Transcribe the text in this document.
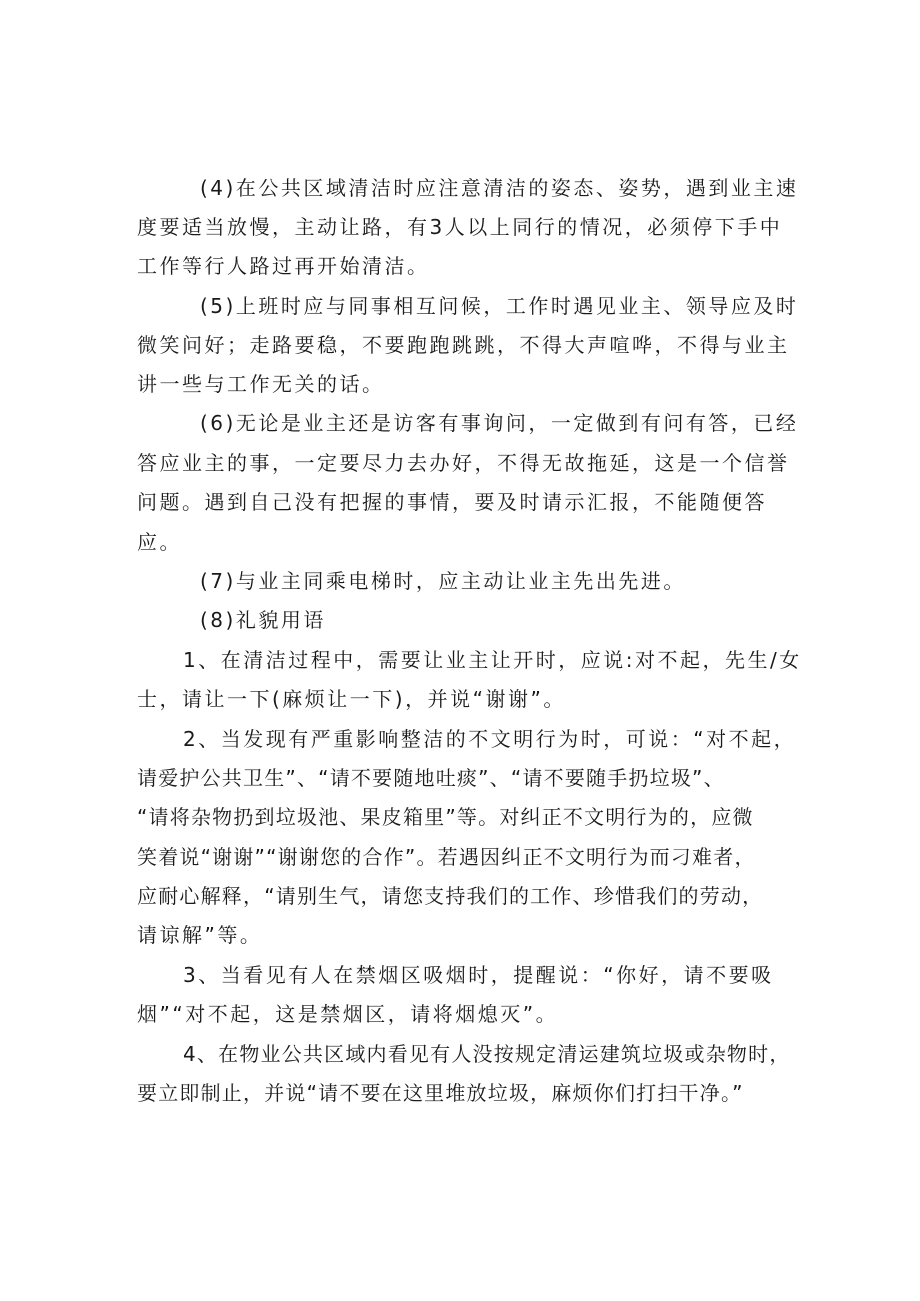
(4)在公共区域清洁时应注意清洁的姿态、姿势，遇到业主速
度要适当放慢，主动让路，有3人以上同行的情况，必须停下手中
工作等行人路过再开始清洁。
(5)上班时应与同事相互问候，工作时遇见业主、领导应及时
微笑问好；走路要稳，不要跑跑跳跳，不得大声喧哗，不得与业主
讲一些与工作无关的话。
(6)无论是业主还是访客有事询问，一定做到有问有答，已经
答应业主的事，一定要尽力去办好，不得无故拖延，这是一个信誉
问题。遇到自己没有把握的事情，要及时请示汇报，不能随便答
应。
(7)与业主同乘电梯时，应主动让业主先出先进。
(8)礼貌用语
1、在清洁过程中，需要让业主让开时，应说:对不起，先生/女
士，请让一下(麻烦让一下)，并说“谢谢”。
2、当发现有严重影响整洁的不文明行为时，可说：“对不起，
请爱护公共卫生”、“请不要随地吐痰”、“请不要随手扔垃圾”、
“请将杂物扔到垃圾池、果皮箱里”等。对纠正不文明行为的，应微
笑着说“谢谢”“谢谢您的合作”。若遇因纠正不文明行为而刁难者，
应耐心解释，“请别生气，请您支持我们的工作、珍惜我们的劳动，
请谅解”等。
3、当看见有人在禁烟区吸烟时，提醒说：“你好，请不要吸
烟”“对不起，这是禁烟区，请将烟熄灭”。
4、在物业公共区域内看见有人没按规定清运建筑垃圾或杂物时，
要立即制止，并说“请不要在这里堆放垃圾，麻烦你们打扫干净。”
